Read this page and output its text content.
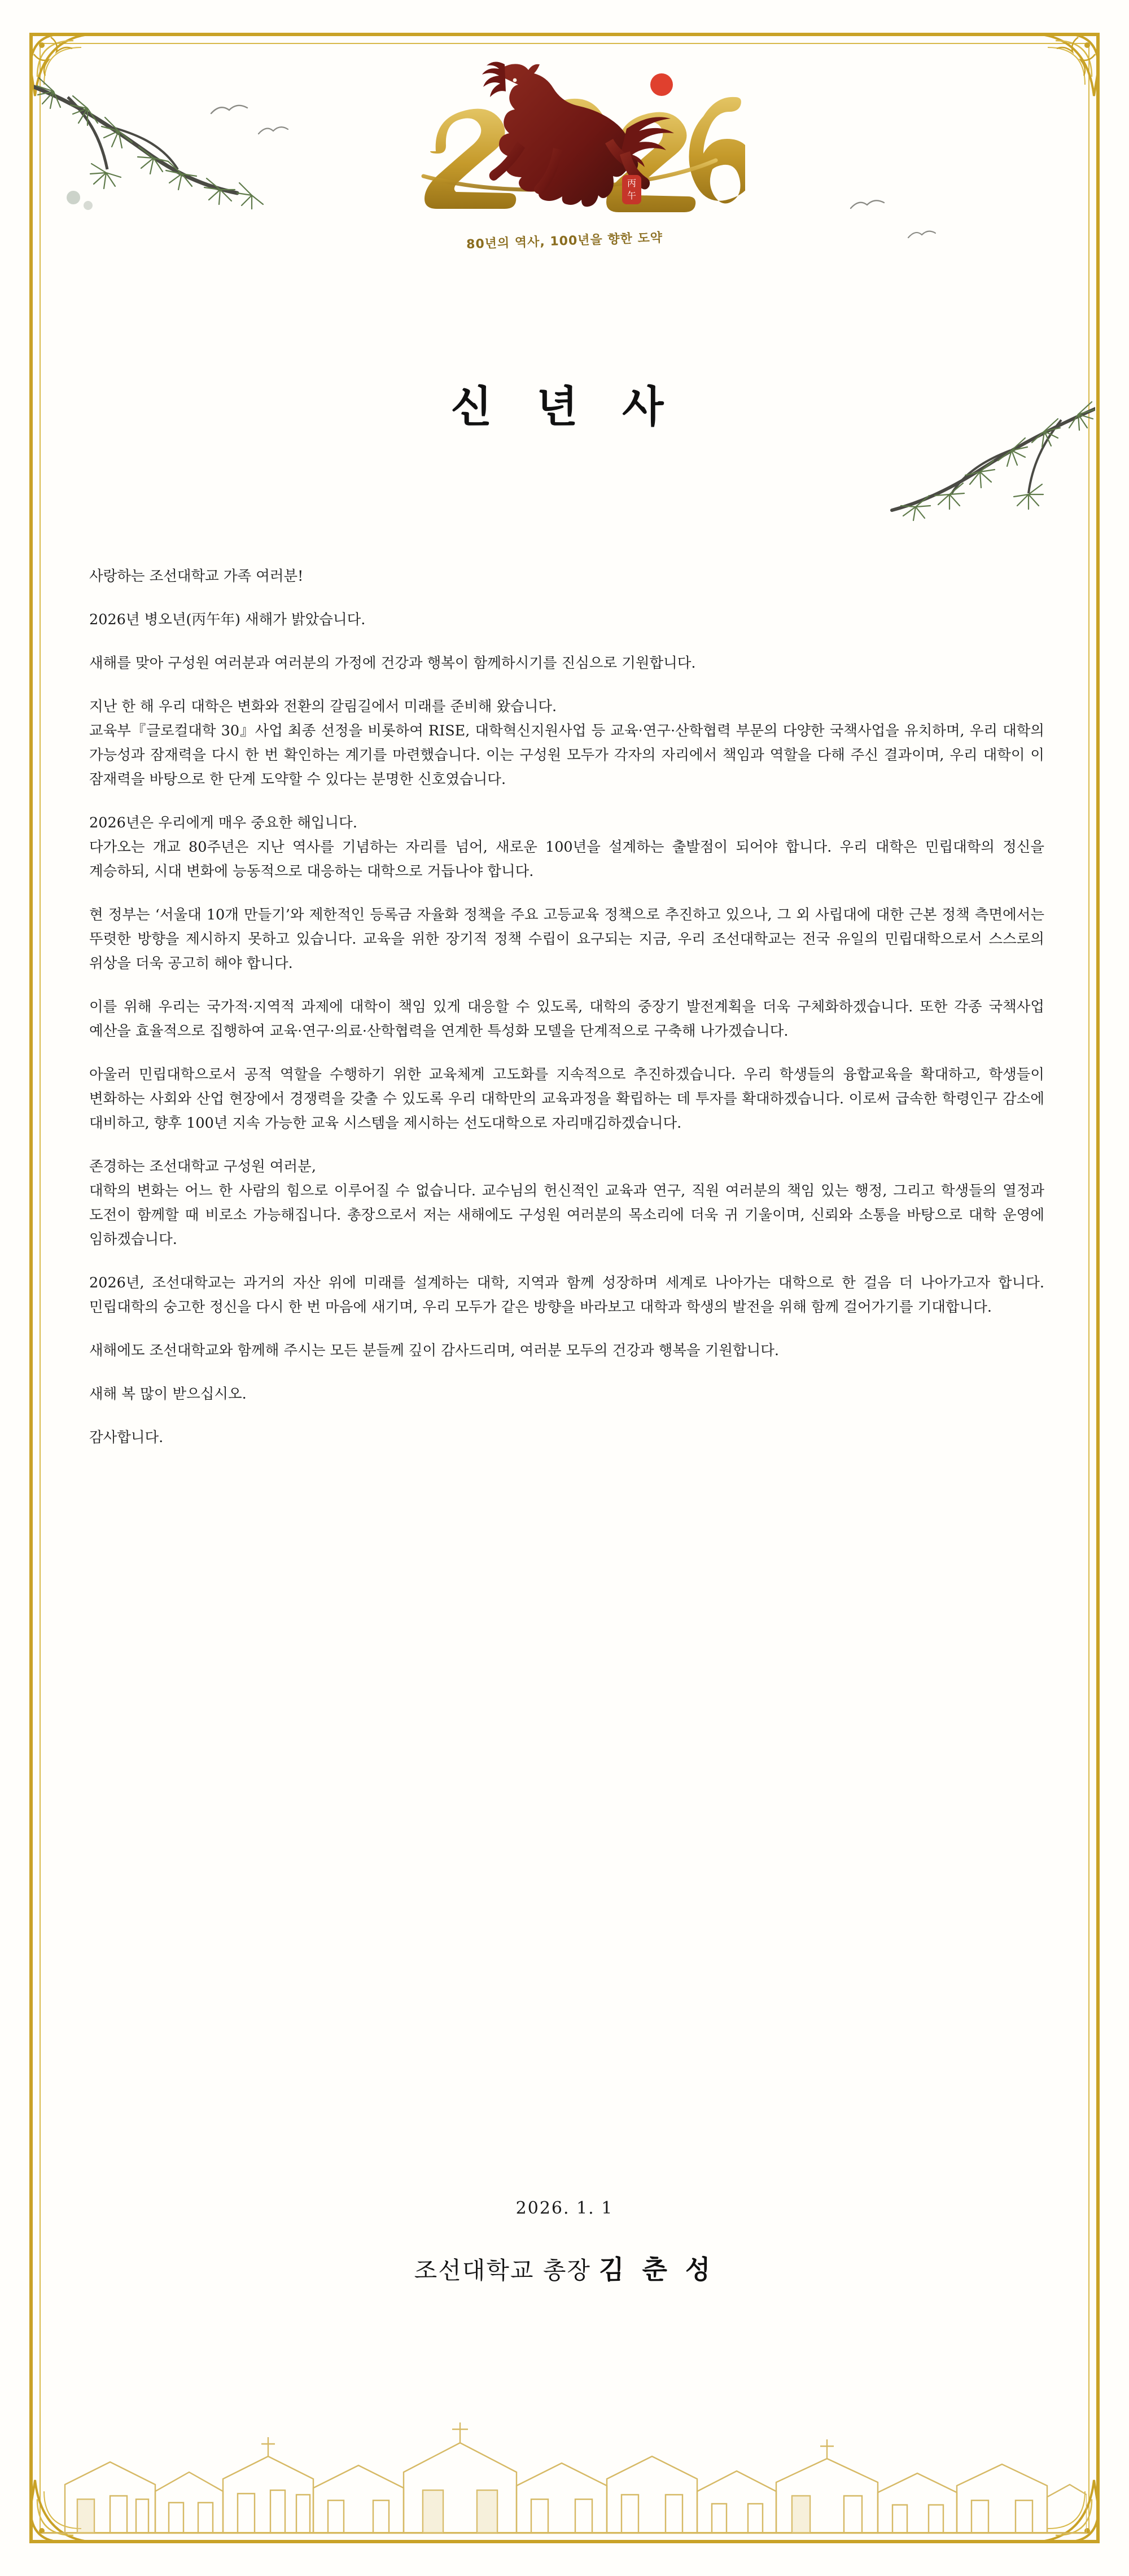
丙
午
80년의 역사, 100년을 향한 도약
신 년 사

사랑하는 조선대학교 가족 여러분!

2026년 병오년(丙午年) 새해가 밝았습니다.

새해를 맞아 구성원 여러분과 여러분의 가정에 건강과 행복이 함께하시기를 진심으로 기원합니다.

지난 한 해 우리 대학은 변화와 전환의 갈림길에서 미래를 준비해 왔습니다.

교육부『글로컬대학 30』사업 최종 선정을 비롯하여 RISE, 대학혁신지원사업 등 교육·연구·산학협력 부문의 다양한 국책사업을 유치하며, 우리 대학의 가능성과 잠재력을 다시 한 번 확인하는 계기를 마련했습니다. 이는 구성원 모두가 각자의 자리에서 책임과 역할을 다해 주신 결과이며, 우리 대학이 이 잠재력을 바탕으로 한 단계 도약할 수 있다는 분명한 신호였습니다.

2026년은 우리에게 매우 중요한 해입니다.

다가오는 개교 80주년은 지난 역사를 기념하는 자리를 넘어, 새로운 100년을 설계하는 출발점이 되어야 합니다. 우리 대학은 민립대학의 정신을 계승하되, 시대 변화에 능동적으로 대응하는 대학으로 거듭나야 합니다.

현 정부는 ‘서울대 10개 만들기’와 제한적인 등록금 자율화 정책을 주요 고등교육 정책으로 추진하고 있으나, 그 외 사립대에 대한 근본 정책 측면에서는 뚜렷한 방향을 제시하지 못하고 있습니다. 교육을 위한 장기적 정책 수립이 요구되는 지금, 우리 조선대학교는 전국 유일의 민립대학으로서 스스로의 위상을 더욱 공고히 해야 합니다.

이를 위해 우리는 국가적·지역적 과제에 대학이 책임 있게 대응할 수 있도록, 대학의 중장기 발전계획을 더욱 구체화하겠습니다. 또한 각종 국책사업 예산을 효율적으로 집행하여 교육·연구·의료·산학협력을 연계한 특성화 모델을 단계적으로 구축해 나가겠습니다.

아울러 민립대학으로서 공적 역할을 수행하기 위한 교육체계 고도화를 지속적으로 추진하겠습니다. 우리 학생들의 융합교육을 확대하고, 학생들이 변화하는 사회와 산업 현장에서 경쟁력을 갖출 수 있도록 우리 대학만의 교육과정을 확립하는 데 투자를 확대하겠습니다. 이로써 급속한 학령인구 감소에 대비하고, 향후 100년 지속 가능한 교육 시스템을 제시하는 선도대학으로 자리매김하겠습니다.

존경하는 조선대학교 구성원 여러분,

대학의 변화는 어느 한 사람의 힘으로 이루어질 수 없습니다. 교수님의 헌신적인 교육과 연구, 직원 여러분의 책임 있는 행정, 그리고 학생들의 열정과 도전이 함께할 때 비로소 가능해집니다. 총장으로서 저는 새해에도 구성원 여러분의 목소리에 더욱 귀 기울이며, 신뢰와 소통을 바탕으로 대학 운영에 임하겠습니다.

2026년, 조선대학교는 과거의 자산 위에 미래를 설계하는 대학, 지역과 함께 성장하며 세계로 나아가는 대학으로 한 걸음 더 나아가고자 합니다. 민립대학의 숭고한 정신을 다시 한 번 마음에 새기며, 우리 모두가 같은 방향을 바라보고 대학과 학생의 발전을 위해 함께 걸어가기를 기대합니다.

새해에도 조선대학교와 함께해 주시는 모든 분들께 깊이 감사드리며, 여러분 모두의 건강과 행복을 기원합니다.

새해 복 많이 받으십시오.

감사합니다.

2026. 1. 1
조선대학교 총장 김 춘 성
